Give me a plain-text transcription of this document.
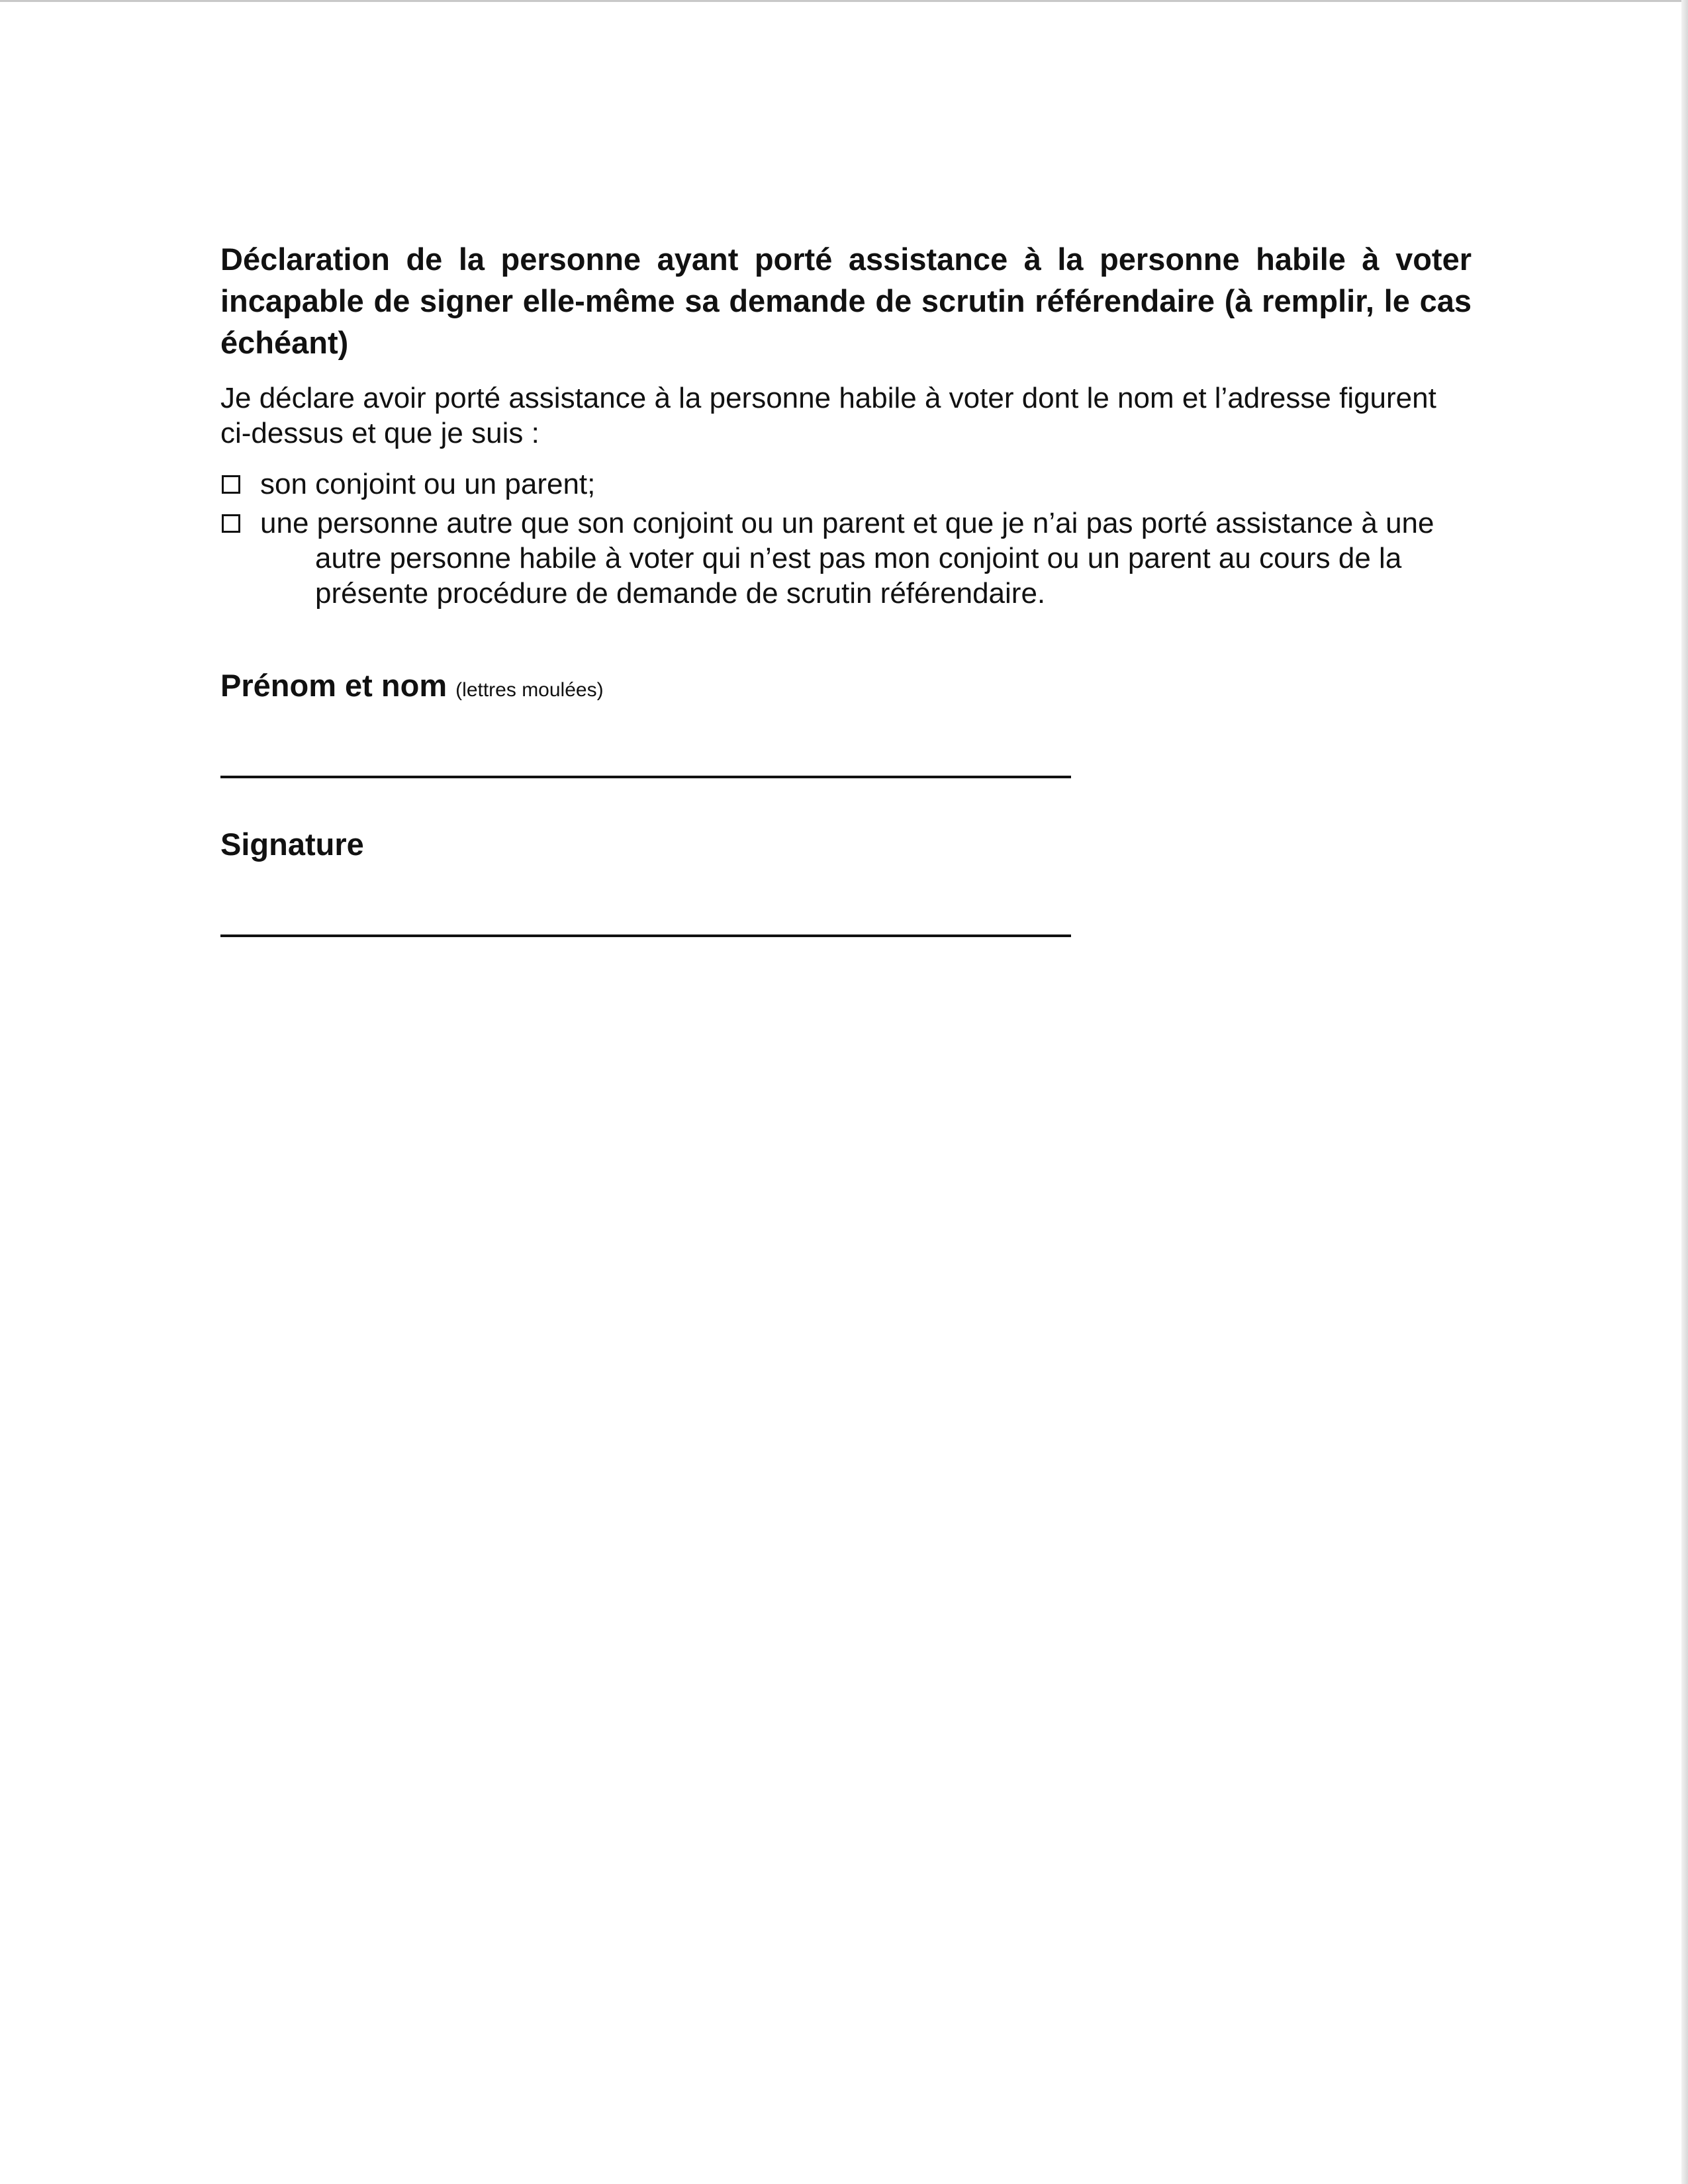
Déclaration de la personne ayant porté assistance à la personne habile à voter incapable de signer elle-même sa demande de scrutin référendaire (à remplir, le cas échéant)

Je déclare avoir porté assistance à la personne habile à voter dont le nom et l’adresse figurent ci-dessus et que je suis :

son conjoint ou un parent;
une personne autre que son conjoint ou un parent et que je n’ai pas porté assistance à une autre personne habile à voter qui n’est pas mon conjoint ou un parent au cours de la présente procédure de demande de scrutin référendaire.

Prénom et nom (lettres moulées)

Signature
